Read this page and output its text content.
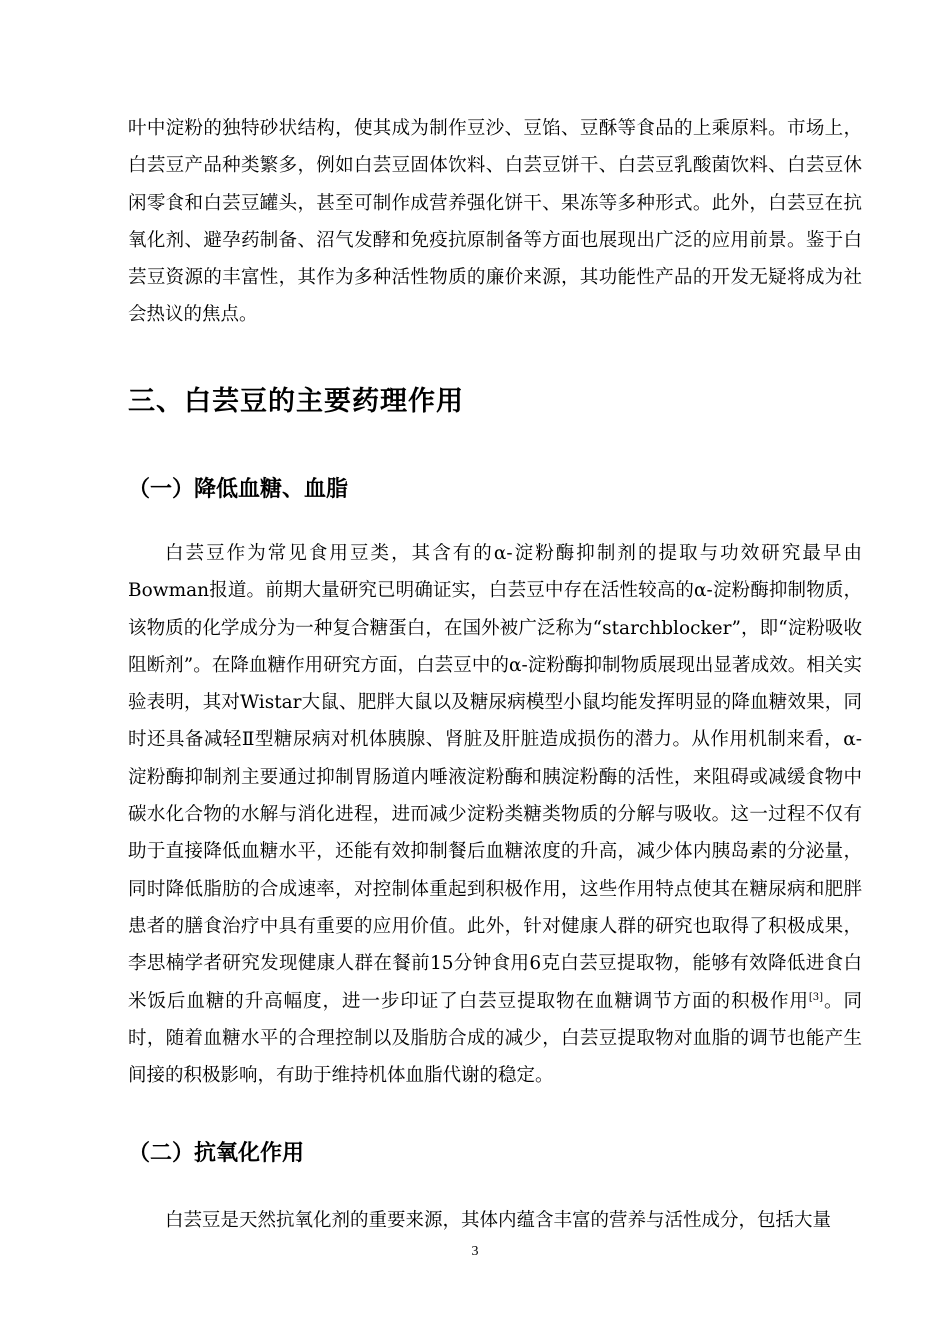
叶中淀粉的独特砂状结构，使其成为制作豆沙、豆馅、豆酥等食品的上乘原料。市场上，白芸豆产品种类繁多，例如白芸豆固体饮料、白芸豆饼干、白芸豆乳酸菌饮料、白芸豆休闲零食和白芸豆罐头，甚至可制作成营养强化饼干、果冻等多种形式。此外，白芸豆在抗氧化剂、避孕药制备、沼气发酵和免疫抗原制备等方面也展现出广泛的应用前景。鉴于白芸豆资源的丰富性，其作为多种活性物质的廉价来源，其功能性产品的开发无疑将成为社会热议的焦点。

三、白芸豆的主要药理作用
（一）降低血糖、血脂

白芸豆作为常见食用豆类，其含有的α-淀粉酶抑制剂的提取与功效研究最早由Bowman报道。前期大量研究已明确证实，白芸豆中存在活性较高的α-淀粉酶抑制物质，该物质的化学成分为一种复合糖蛋白，在国外被广泛称为“starchblocker”，即“淀粉吸收阻断剂”。在降血糖作用研究方面，白芸豆中的α-淀粉酶抑制物质展现出显著成效。相关实验表明，其对Wistar大鼠、肥胖大鼠以及糖尿病模型小鼠均能发挥明显的降血糖效果，同时还具备减轻Ⅱ型糖尿病对机体胰腺、肾脏及肝脏造成损伤的潜力。从作用机制来看，α-淀粉酶抑制剂主要通过抑制胃肠道内唾液淀粉酶和胰淀粉酶的活性，来阻碍或减缓食物中碳水化合物的水解与消化进程，进而减少淀粉类糖类物质的分解与吸收。这一过程不仅有助于直接降低血糖水平，还能有效抑制餐后血糖浓度的升高，减少体内胰岛素的分泌量，同时降低脂肪的合成速率，对控制体重起到积极作用，这些作用特点使其在糖尿病和肥胖患者的膳食治疗中具有重要的应用价值。此外，针对健康人群的研究也取得了积极成果，李思楠学者研究发现健康人群在餐前15分钟食用6克白芸豆提取物，能够有效降低进食白米饭后血糖的升高幅度，进一步印证了白芸豆提取物在血糖调节方面的积极作用[3]。同时，随着血糖水平的合理控制以及脂肪合成的减少，白芸豆提取物对血脂的调节也能产生间接的积极影响，有助于维持机体血脂代谢的稳定。

（二）抗氧化作用

白芸豆是天然抗氧化剂的重要来源，其体内蕴含丰富的营养与活性成分，包括大量

3
